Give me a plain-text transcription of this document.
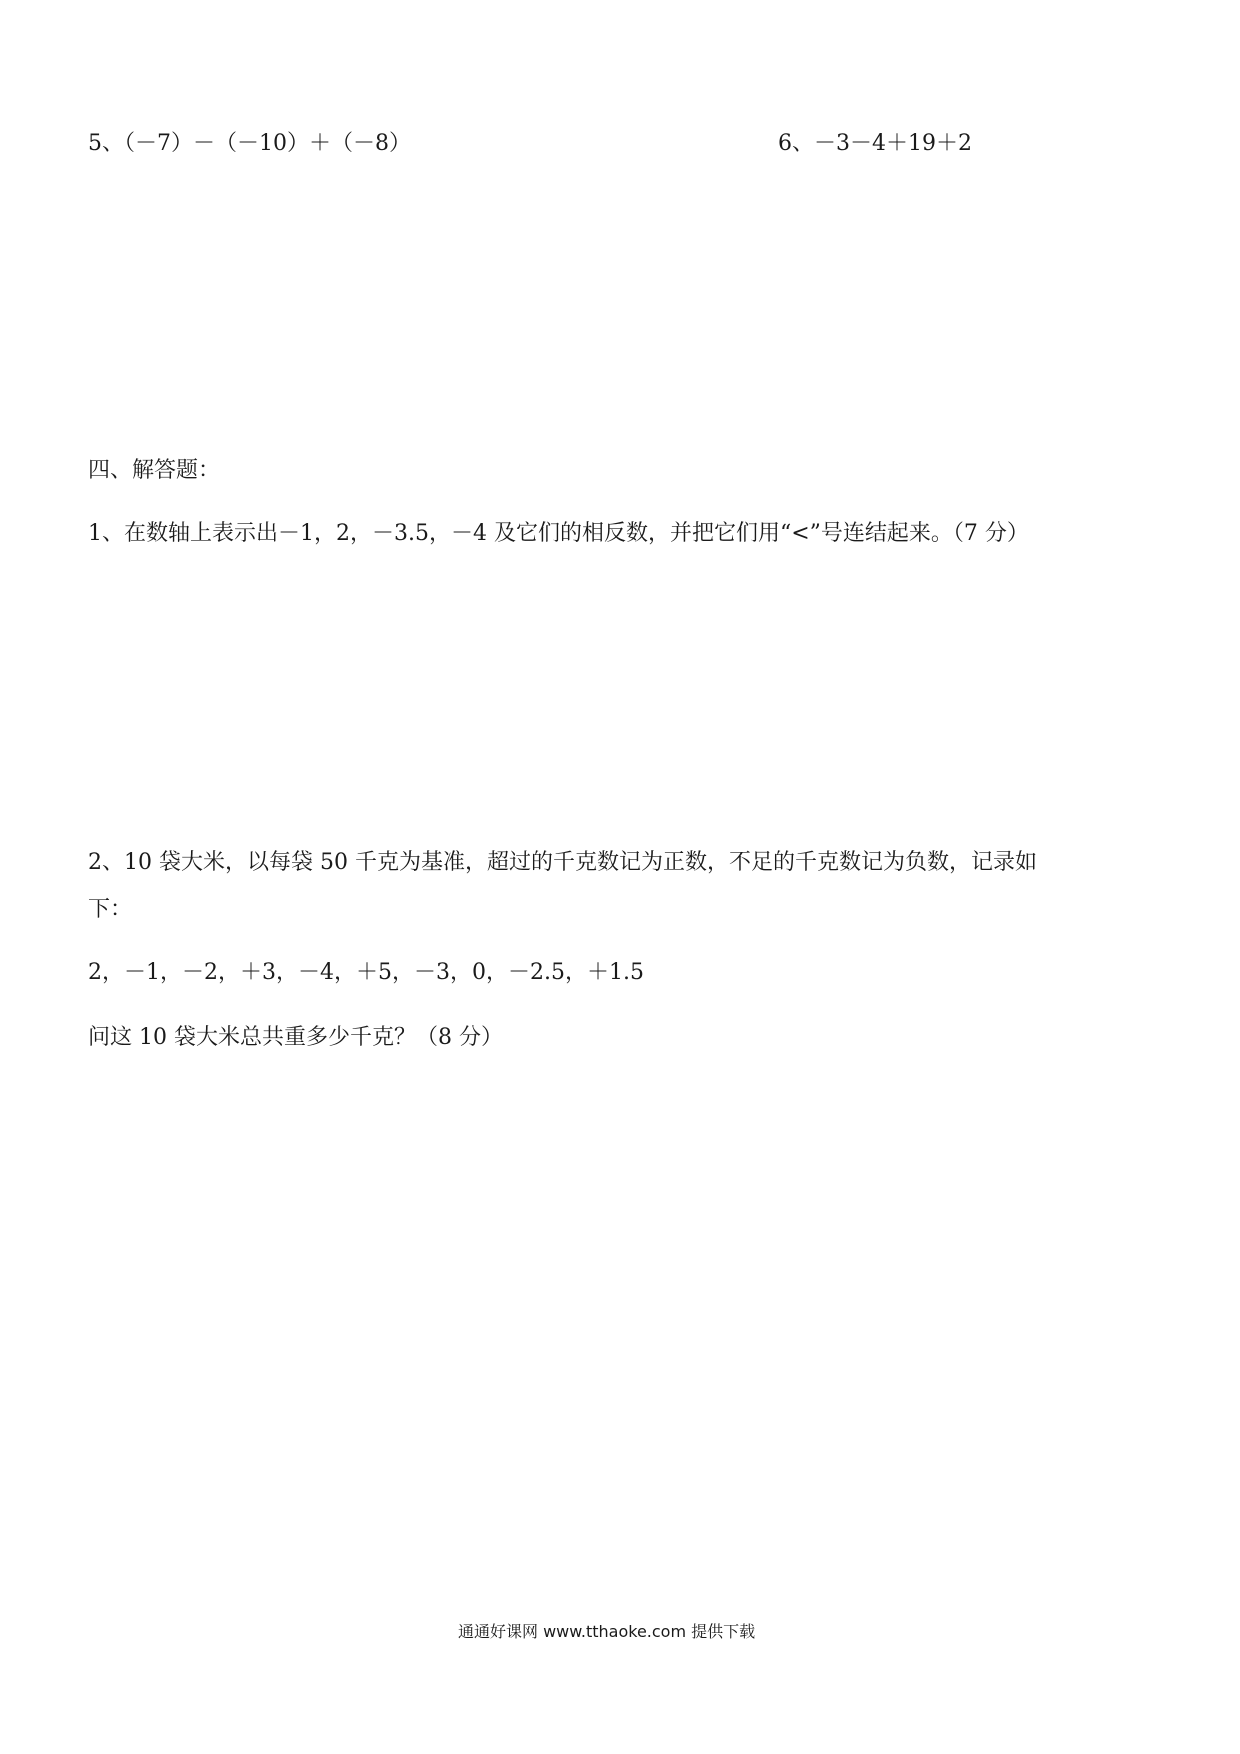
5、（－7）－（－10）＋（－8）	6、－3－4＋19＋2
四、解答题：
1、在数轴上表示出－1，2，－3.5，－4 及它们的相反数，并把它们用“<”号连结起来。（7 分）
2、10 袋大米，以每袋 50 千克为基准，超过的千克数记为正数，不足的千克数记为负数，记录如
下：
2，－1，－2，＋3，－4，＋5，－3，0，－2.5，＋1.5
问这 10 袋大米总共重多少千克？（8 分）
通通好课网 www.tthaoke.com 提供下载
